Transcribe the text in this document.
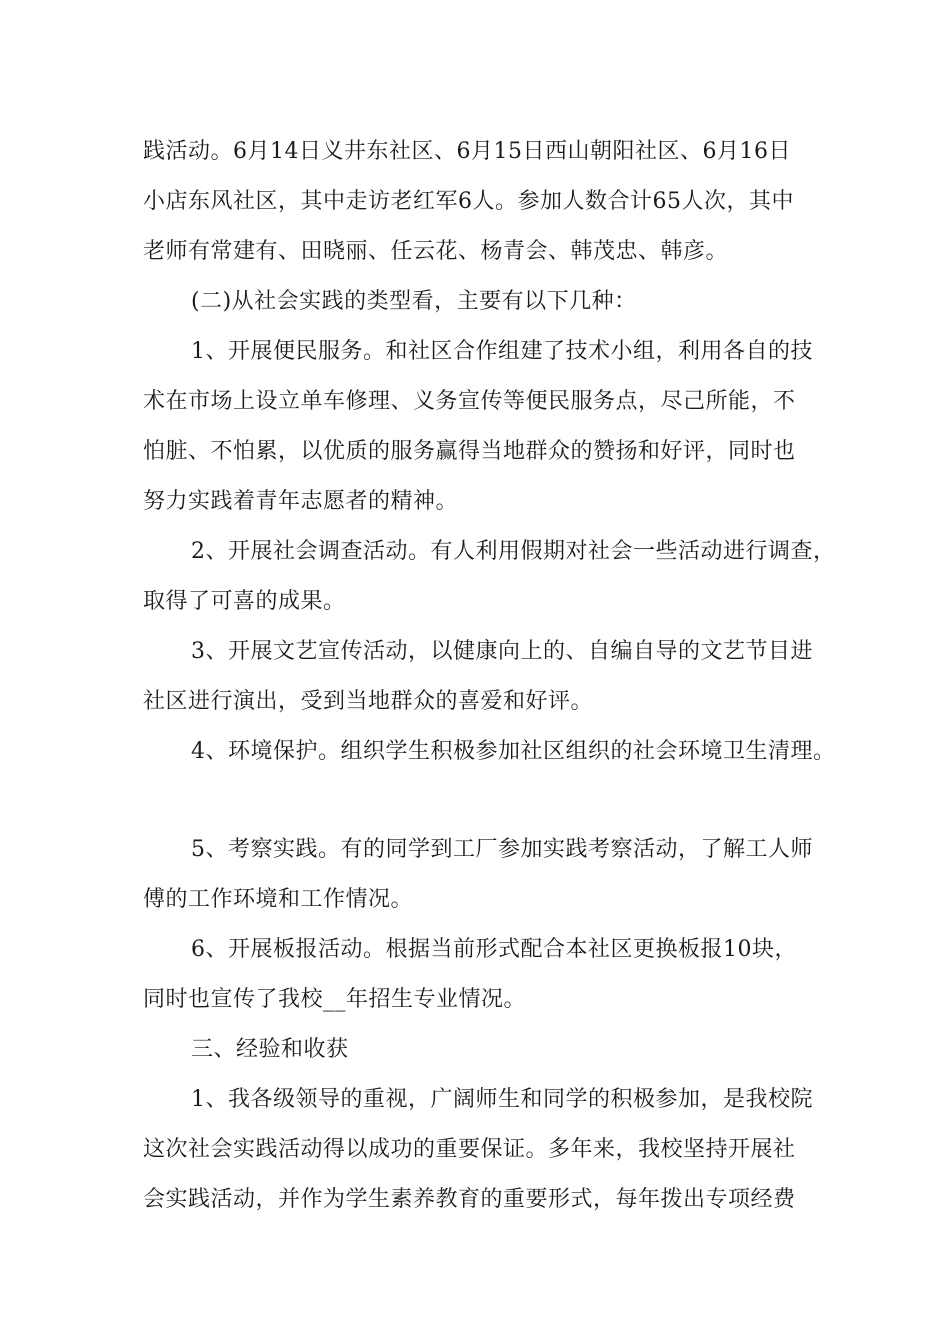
践活动。6月14日义井东社区、6月15日西山朝阳社区、6月16日

小店东风社区，其中走访老红军6人。参加人数合计65人次，其中

老师有常建有、田晓丽、任云花、杨青会、韩茂忠、韩彦。

(二)从社会实践的类型看，主要有以下几种：

1、开展便民服务。和社区合作组建了技术小组，利用各自的技

术在市场上设立单车修理、义务宣传等便民服务点，尽己所能，不

怕脏、不怕累，以优质的服务赢得当地群众的赞扬和好评，同时也

努力实践着青年志愿者的精神。

2、开展社会调查活动。有人利用假期对社会一些活动进行调查，

取得了可喜的成果。

3、开展文艺宣传活动，以健康向上的、自编自导的文艺节目进

社区进行演出，受到当地群众的喜爱和好评。

4、环境保护。组织学生积极参加社区组织的社会环境卫生清理。

5、考察实践。有的同学到工厂参加实践考察活动，了解工人师

傅的工作环境和工作情况。

6、开展板报活动。根据当前形式配合本社区更换板报10块，

同时也宣传了我校__年招生专业情况。

三、经验和收获

1、我各级领导的重视，广阔师生和同学的积极参加，是我校院

这次社会实践活动得以成功的重要保证。多年来，我校坚持开展社

会实践活动，并作为学生素养教育的重要形式，每年拨出专项经费
